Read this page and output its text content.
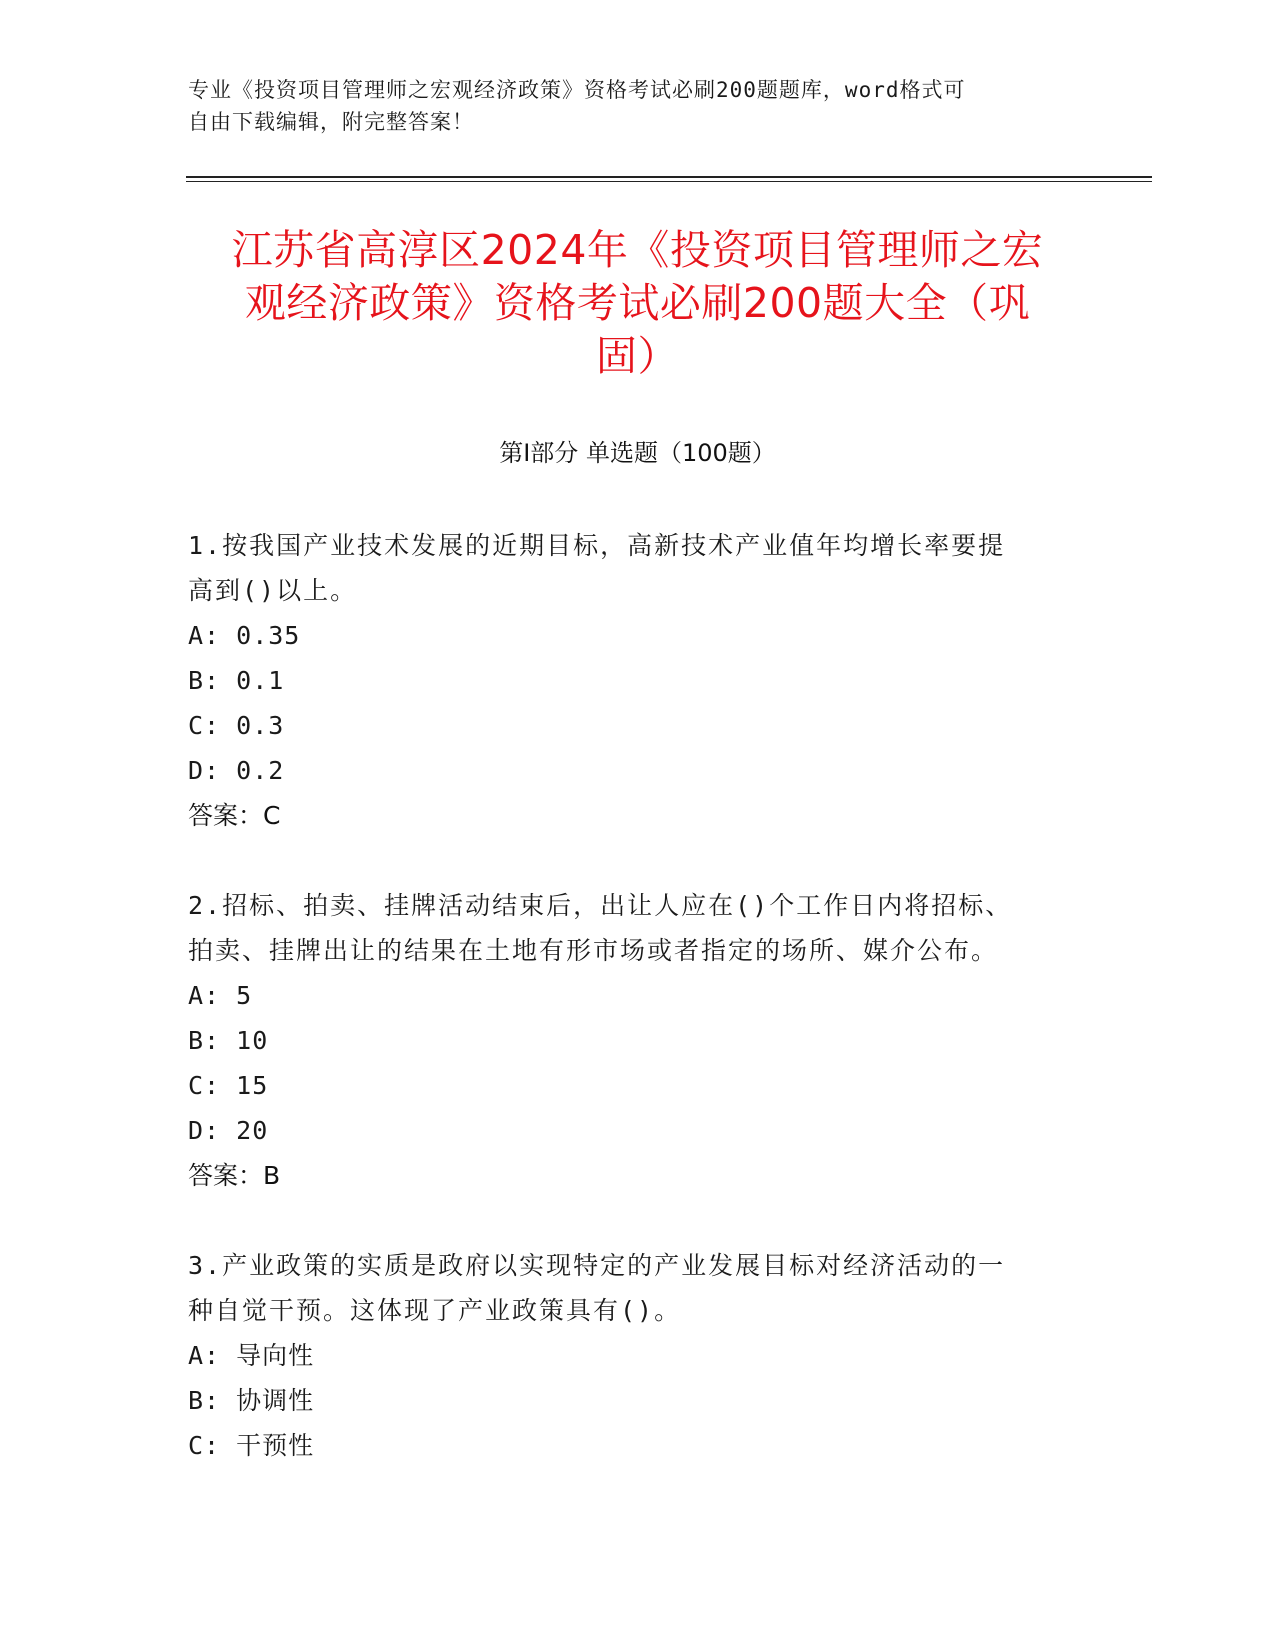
专业《投资项目管理师之宏观经济政策》资格考试必刷200题题库，word格式可
自由下载编辑，附完整答案！
江苏省高淳区2024年《投资项目管理师之宏
观经济政策》资格考试必刷200题大全（巩
固）
第I部分 单选题（100题）

1.按我国产业技术发展的近期目标，高新技术产业值年均增长率要提
高到()以上。

A: 0.35

B: 0.1

C: 0.3

D: 0.2

答案：C

2.招标、拍卖、挂牌活动结束后，出让人应在()个工作日内将招标、
拍卖、挂牌出让的结果在土地有形市场或者指定的场所、媒介公布。

A: 5

B: 10

C: 15

D: 20

答案：B

3.产业政策的实质是政府以实现特定的产业发展目标对经济活动的一
种自觉干预。这体现了产业政策具有()。

A: 导向性

B: 协调性

C: 干预性
